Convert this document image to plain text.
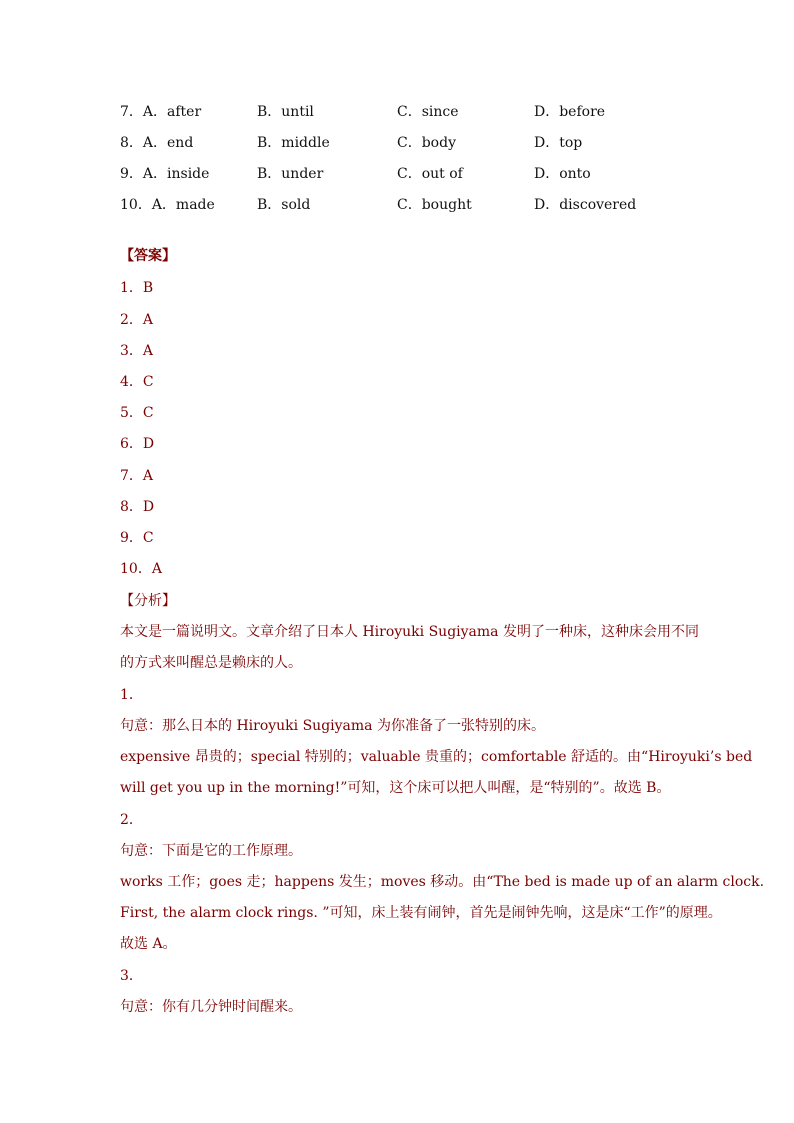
7．A．after	B．until	C．since	D．before
8．A．end	B．middle	C．body	D．top
9．A．inside	B．under	C．out of	D．onto
10．A．made	B．sold	C．bought	D．discovered
【答案】
1．B
2．A
3．A
4．C
5．C
6．D
7．A
8．D
9．C
10．A
【分析】
本文是一篇说明文。文章介绍了日本人 Hiroyuki Sugiyama 发明了一种床，这种床会用不同
的方式来叫醒总是赖床的人。
1．
句意：那么日本的 Hiroyuki Sugiyama 为你准备了一张特别的床。
expensive 昂贵的；special 特别的；valuable 贵重的；comfortable 舒适的。由“Hiroyuki’s bed
will get you up in the morning!”可知，这个床可以把人叫醒，是“特别的”。故选 B。
2．
句意：下面是它的工作原理。
works 工作；goes 走；happens 发生；moves 移动。由“The bed is made up of an alarm clock.
First, the alarm clock rings. ”可知，床上装有闹钟，首先是闹钟先响，这是床“工作”的原理。
故选 A。
3．
句意：你有几分钟时间醒来。
